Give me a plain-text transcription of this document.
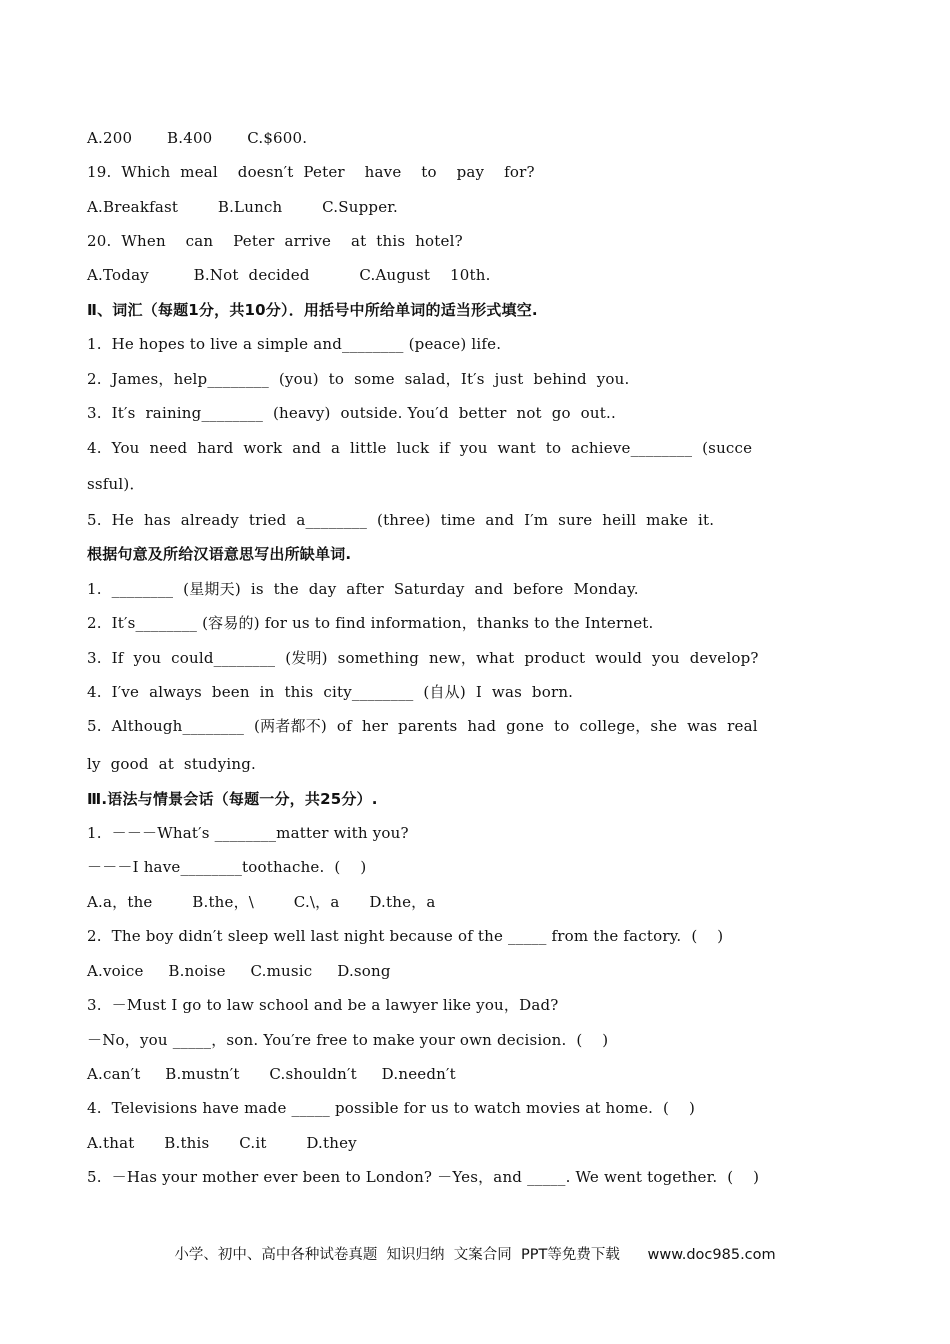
A.200       B.400       C.$600.
19.  Which  meal    doesn′t  Peter    have    to    pay    for?
A.Breakfast        B.Lunch        C.Supper.
20.  When    can    Peter  arrive    at  this  hotel?
A.Today         B.Not  decided          C.August    10th.
Ⅱ、词汇（每题1分，共10分）．用括号中所给单词的适当形式填空.
1.  He hopes to live a simple and________ (peace) life.
2.  James，help________  (you)  to  some  salad，It′s  just  behind  you.
3.  It′s  raining________  (heavy)  outside. You′d  better  not  go  out..
4.  You  need  hard  work  and  a  little  luck  if  you  want  to  achieve________  (succe
ssful)．
5.  He  has  already  tried  a________  (three)  time  and  I′m  sure  heill  make  it.
根据句意及所给汉语意思写出所缺单词.
1.  ________  (星期天)  is  the  day  after  Saturday  and  before  Monday.
2.  It′s________ (容易的) for us to find information，thanks to the Internet.
3.  If  you  could________  (发明)  something  new，what  product  would  you  develop?
4.  I′ve  always  been  in  this  city________  (自从)  I  was  born.
5.  Although________  (两者都不)  of  her  parents  had  gone  to  college，she  was  real
ly  good  at  studying.
Ⅲ.语法与情景会话（每题一分，共25分）.
1.  －－－What′s ________matter with you?
－－－I have________toothache.  (    )
A.a，the        B.the，\        C.\，a      D.the，a
2.  The boy didn′t sleep well last night because of the _____ from the factory.  (    )
A.voice     B.noise     C.music     D.song
3.  －Must I go to law school and be a lawyer like you，Dad?
－No，you _____，son. You′re free to make your own decision.  (    )
A.can′t     B.mustn′t      C.shouldn′t     D.needn′t
4.  Televisions have made _____ possible for us to watch movies at home.  (    )
A.that      B.this      C.it        D.they
5.  －Has your mother ever been to London? －Yes，and _____. We went together.  (    )
小学、初中、高中各种试卷真题  知识归纳  文案合同  PPT等免费下载      www.doc985.com
